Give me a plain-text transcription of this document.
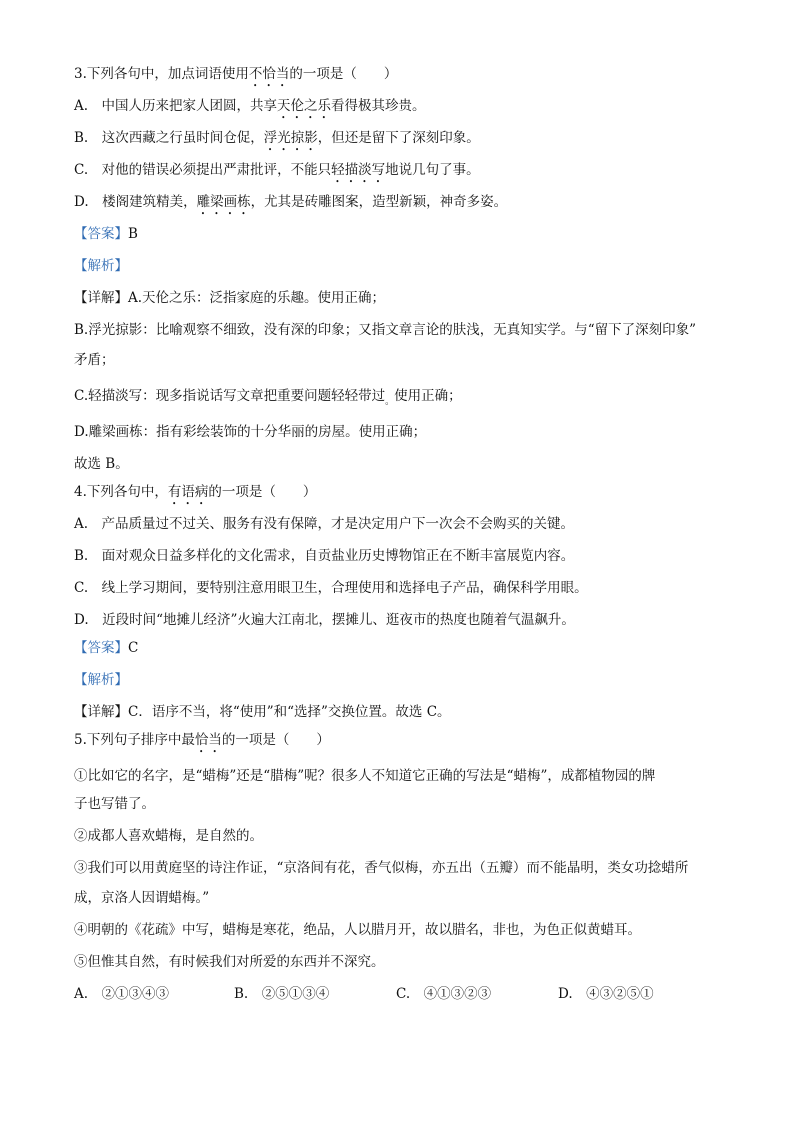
3.下列各句中，加点词语使用不恰当的一项是（　　）
A.　中国人历来把家人团圆，共享天伦之乐看得极其珍贵。
B.　这次西藏之行虽时间仓促，浮光掠影，但还是留下了深刻印象。
C.　对他的错误必须提出严肃批评，不能只轻描淡写地说几句了事。
D.　楼阁建筑精美，雕梁画栋，尤其是砖雕图案，造型新颖，神奇多姿。
【答案】B
【解析】
【详解】A.天伦之乐：泛指家庭的乐趣。使用正确；
B.浮光掠影：比喻观察不细致，没有深的印象；又指文章言论的肤浅，无真知实学。与“留下了深刻印象”
矛盾；
C.轻描淡写：现多指说话写文章把重要问题轻轻带过$_。$使用正确；
D.雕梁画栋：指有彩绘装饰的十分华丽的房屋。使用正确；
故选 B。
4.下列各句中，有语病的一项是（　　）
A.　产品质量过不过关、服务有没有保障，才是决定用户下一次会不会购买的关键。
B.　面对观众日益多样化的文化需求，自贡盐业历史博物馆正在不断丰富展览内容。
C.　线上学习期间，要特别注意用眼卫生，合理使用和选择电子产品，确保科学用眼。
D.　近段时间“地摊儿经济”火遍大江南北，摆摊儿、逛夜市的热度也随着气温飙升。
【答案】C
【解析】
【详解】C．语序不当，将“使用”和“选择”交换位置。故选 C。
5.下列句子排序中最恰当的一项是（　　）
①比如它的名字，是“蜡梅”还是“腊梅”呢？很多人不知道它正确的写法是“蜡梅”，成都植物园的牌
子也写错了。
②成都人喜欢蜡梅，是自然的。
③我们可以用黄庭坚的诗注作证，“京洛间有花，香气似梅，亦五出（五瓣）而不能晶明，类女功捻蜡所
成，京洛人因谓蜡梅。”
④明朝的《花疏》中写，蜡梅是寒花，绝品，人以腊月开，故以腊名，非也，为色正似黄蜡耳。
⑤但惟其自然，有时候我们对所爱的东西并不深究。
A.　②①③④③	B.　②⑤①③④	C.　④①③②③	D.　④③②⑤①
